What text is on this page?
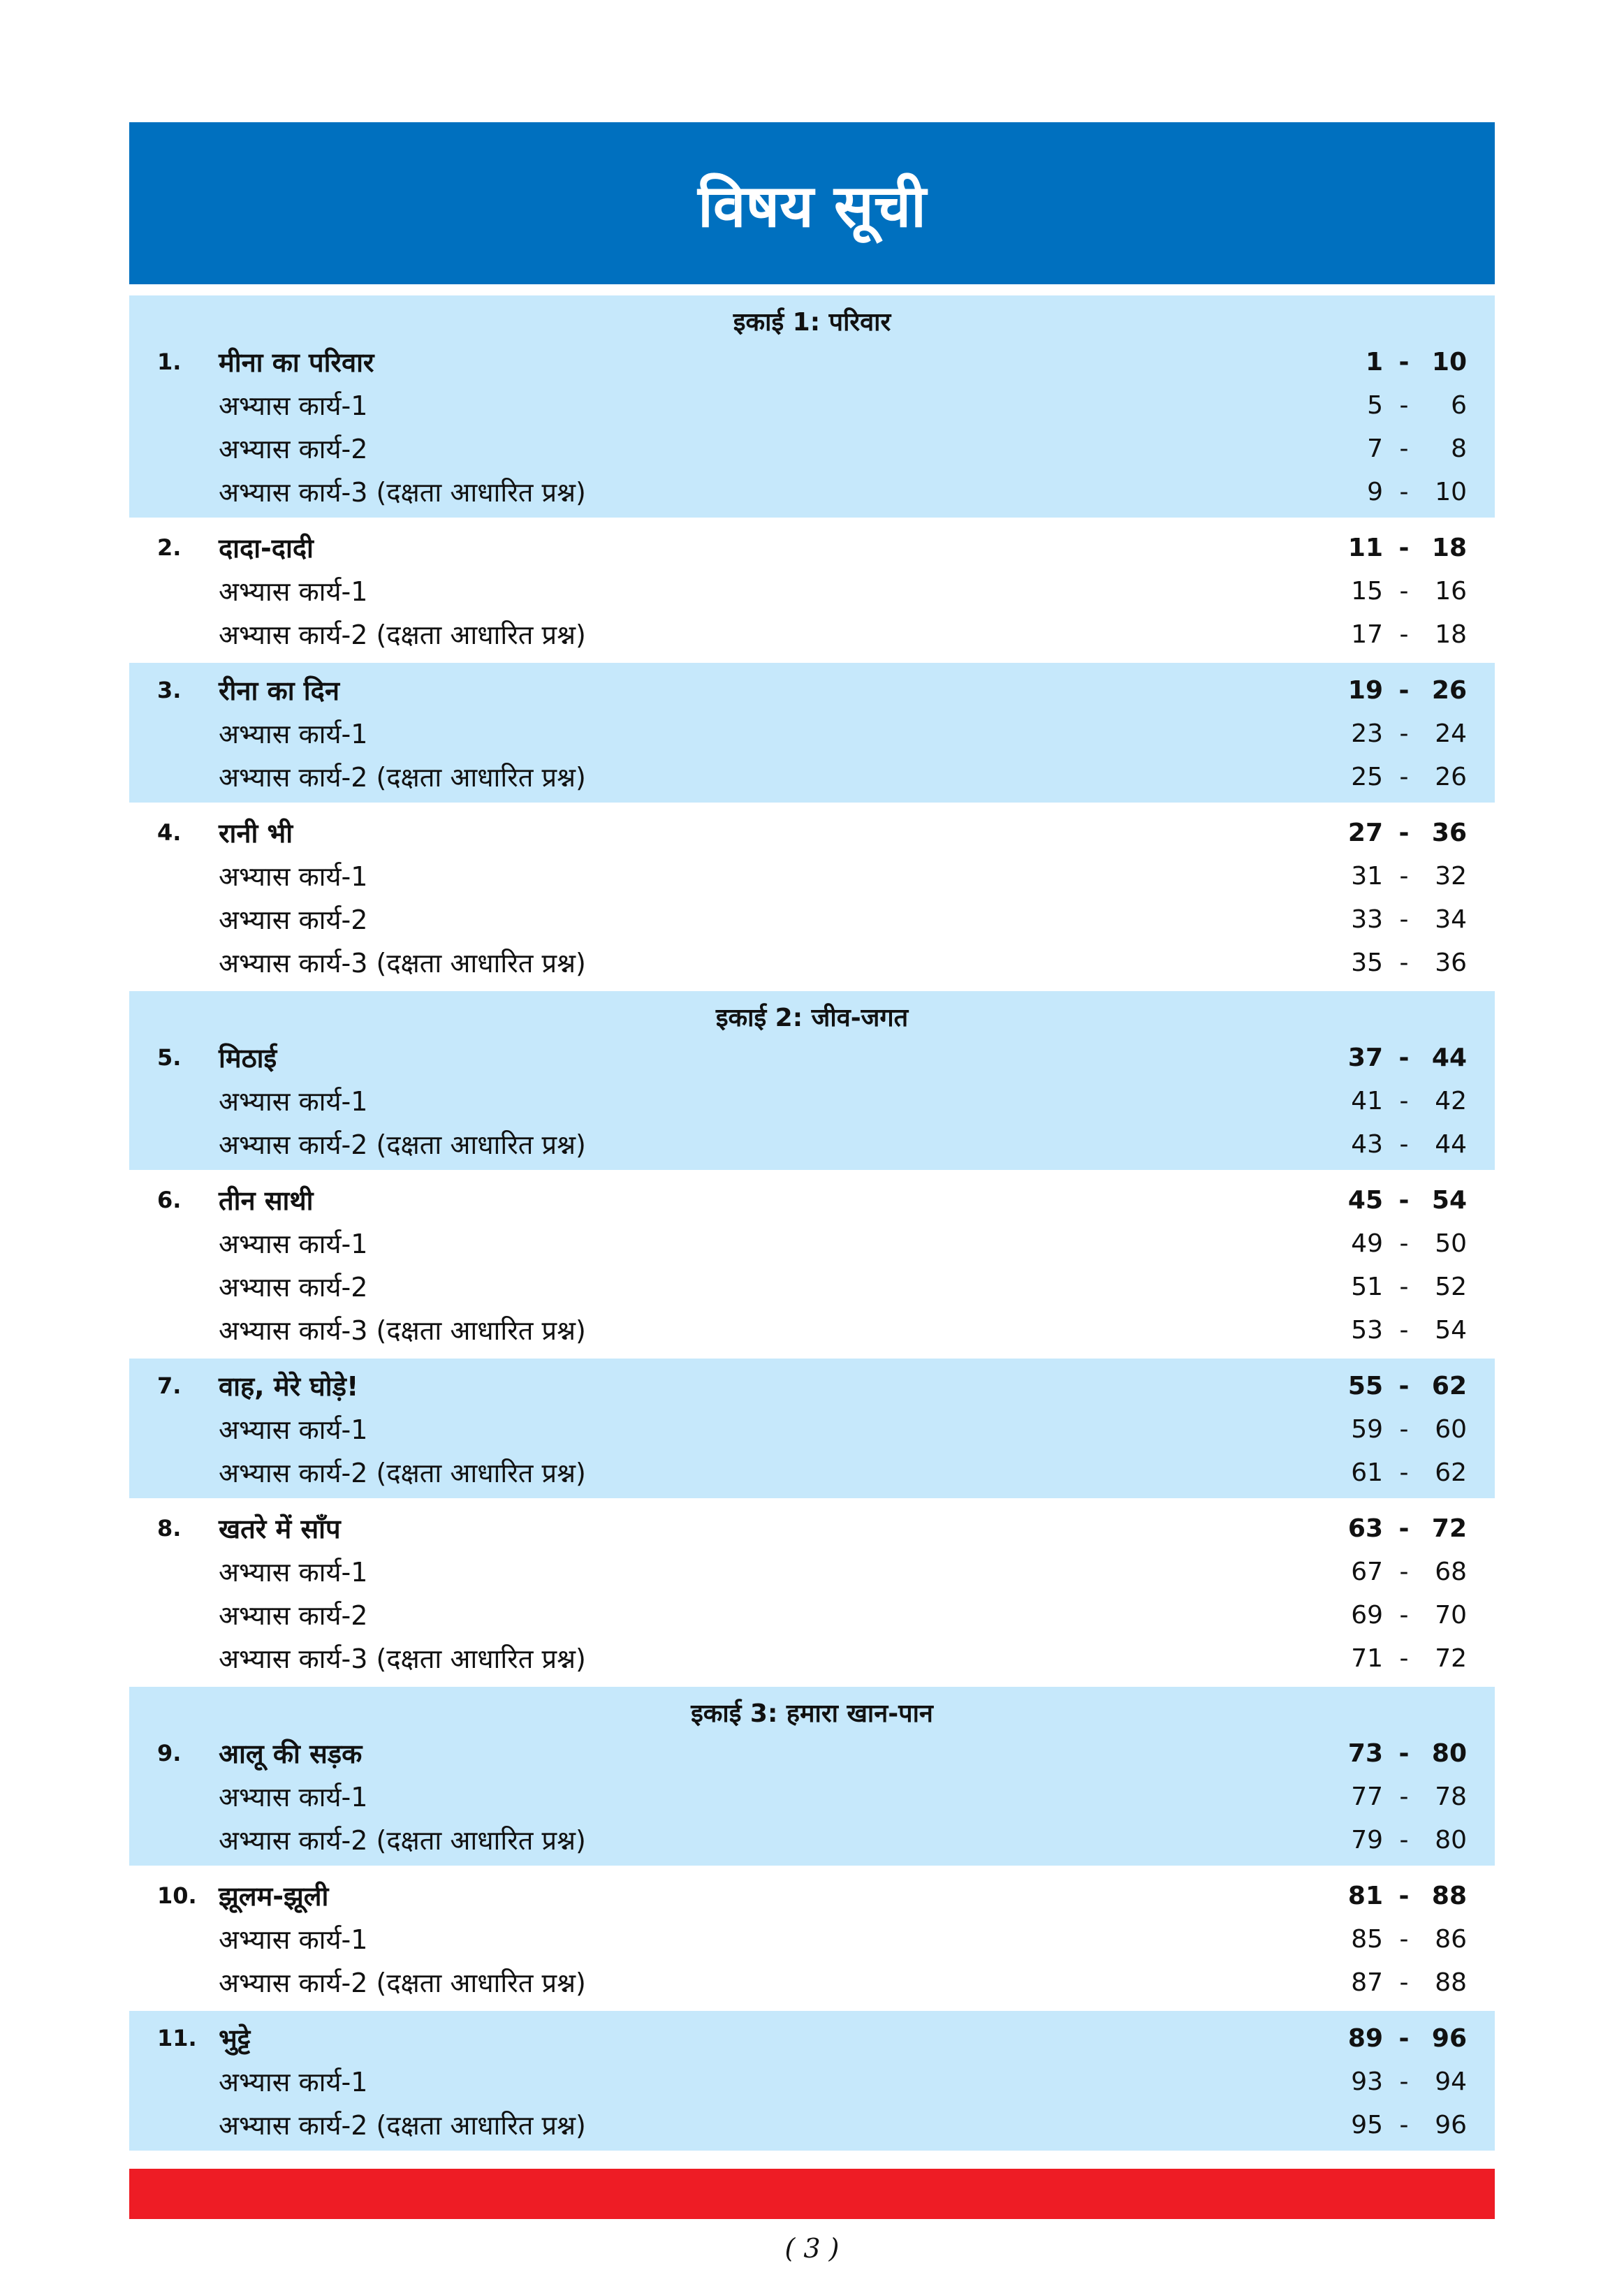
विषय सूची
इकाई 1: परिवार
1. मीना का परिवार	1 - 10
अभ्यास कार्य-1	5 -	6
अभ्यास कार्य-2	7 -	8
अभ्यास कार्य-3 (दक्षता आधारित प्रश्न)	9 -	10
2. दादा-दादी	11 - 18
अभ्यास कार्य-1	15 -	16
अभ्यास कार्य-2 (दक्षता आधारित प्रश्न)	17 -	18
3. रीना का दिन	19 - 26
अभ्यास कार्य-1	23 -	24
अभ्यास कार्य-2 (दक्षता आधारित प्रश्न)	25 -	26
4. रानी भी	27 - 36
अभ्यास कार्य-1	31 -	32
अभ्यास कार्य-2	33 -	34
अभ्यास कार्य-3 (दक्षता आधारित प्रश्न)	35 -	36
इकाई 2: जीव-जगत
5. मिठाई	37 - 44
अभ्यास कार्य-1	41 -	42
अभ्यास कार्य-2 (दक्षता आधारित प्रश्न)	43 -	44
6. तीन साथी	45 - 54
अभ्यास कार्य-1	49 -	50
अभ्यास कार्य-2	51 -	52
अभ्यास कार्य-3 (दक्षता आधारित प्रश्न)	53 -	54
7. वाह, मेरे घोड़े!	55 - 62
अभ्यास कार्य-1	59 -	60
अभ्यास कार्य-2 (दक्षता आधारित प्रश्न)	61 -	62
8. खतरे में साँप	63 - 72
अभ्यास कार्य-1	67 -	68
अभ्यास कार्य-2	69 -	70
अभ्यास कार्य-3 (दक्षता आधारित प्रश्न)	71 -	72
इकाई 3: हमारा खान-पान
9. आलू की सड़क	73 - 80
अभ्यास कार्य-1	77 -	78
अभ्यास कार्य-2 (दक्षता आधारित प्रश्न)	79 -	80
10. झूलम-झूली	81 - 88
अभ्यास कार्य-1	85 -	86
अभ्यास कार्य-2 (दक्षता आधारित प्रश्न)	87 -	88
11. भुट्टे	89 - 96
अभ्यास कार्य-1	93 -	94
अभ्यास कार्य-2 (दक्षता आधारित प्रश्न)	95 -	96
( 3 )
